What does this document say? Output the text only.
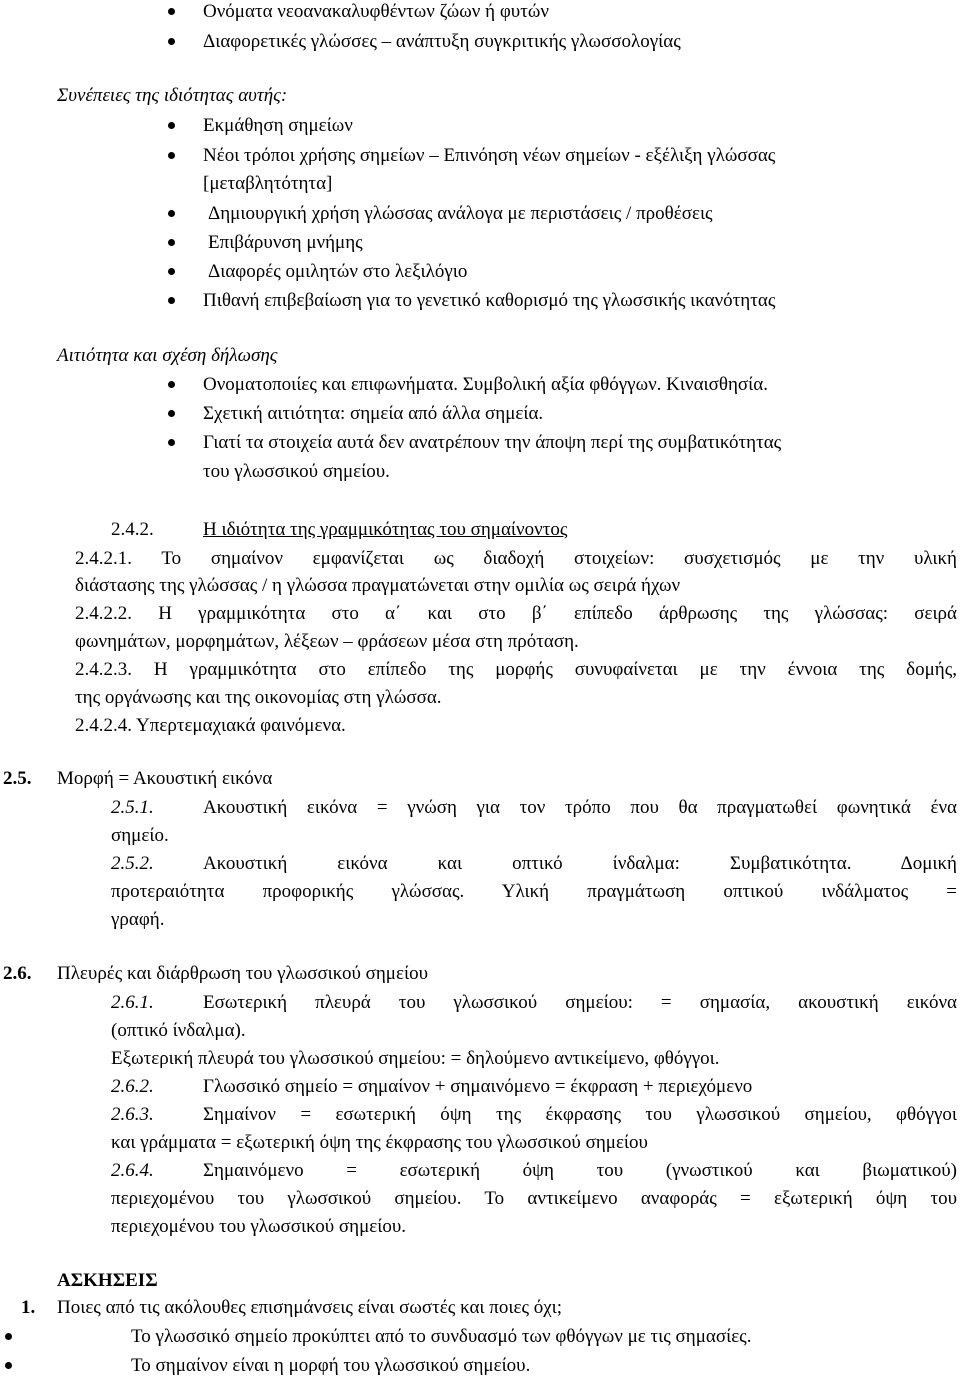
Ονόματα νεοανακαλυφθέντων ζώων ή φυτών
Διαφορετικές γλώσσες – ανάπτυξη συγκριτικής γλωσσολογίας
Συνέπειες της ιδιότητας αυτής:
Εκμάθηση σημείων
Νέοι τρόποι χρήσης σημείων – Επινόηση νέων σημείων - εξέλιξη γλώσσας
[μεταβλητότητα]
Δημιουργική χρήση γλώσσας ανάλογα με περιστάσεις / προθέσεις
Επιβάρυνση μνήμης
Διαφορές ομιλητών στο λεξιλόγιο
Πιθανή επιβεβαίωση για το γενετικό καθορισμό της γλωσσικής ικανότητας
Αιτιότητα και σχέση δήλωσης
Ονοματοποιίες και επιφωνήματα. Συμβολική αξία φθόγγων. Κιναισθησία.
Σχετική αιτιότητα: σημεία από άλλα σημεία.
Γιατί τα στοιχεία αυτά δεν ανατρέπουν την άποψη περί της συμβατικότητας
του γλωσσικού σημείου.
2.4.2.	Η ιδιότητα της γραμμικότητας του σημαίνοντος
2.4.2.1. Το σημαίνον εμφανίζεται ως διαδοχή στοιχείων: συσχετισμός με την υλική
διάστασης της γλώσσας / η γλώσσα πραγματώνεται στην ομιλία ως σειρά ήχων
2.4.2.2. Η γραμμικότητα στο α΄ και στο β΄ επίπεδο άρθρωσης της γλώσσας: σειρά
φωνημάτων, μορφημάτων, λέξεων – φράσεων μέσα στη πρόταση.
2.4.2.3. Η γραμμικότητα στο επίπεδο της μορφής συνυφαίνεται με την έννοια της δομής,
της οργάνωσης και της οικονομίας στη γλώσσα.
2.4.2.4. Υπερτεμαχιακά φαινόμενα.
2.5. Μορφή = Ακουστική εικόνα
2.5.1.	Ακουστική εικόνα = γνώση για τον τρόπο που θα πραγματωθεί φωνητικά ένα
σημείο.
2.5.2.	Ακουστική εικόνα και οπτικό ίνδαλμα: Συμβατικότητα. Δομική
προτεραιότητα προφορικής γλώσσας. Υλική πραγμάτωση οπτικού ινδάλματος =
γραφή.
2.6. Πλευρές και διάρθρωση του γλωσσικού σημείου
2.6.1.	Εσωτερική πλευρά του γλωσσικού σημείου: = σημασία, ακουστική εικόνα
(οπτικό ίνδαλμα).
Εξωτερική πλευρά του γλωσσικού σημείου: = δηλούμενο αντικείμενο, φθόγγοι.
2.6.2.	Γλωσσικό σημείο = σημαίνον + σημαινόμενο = έκφραση + περιεχόμενο
2.6.3.	Σημαίνον = εσωτερική όψη της έκφρασης του γλωσσικού σημείου, φθόγγοι
και γράμματα = εξωτερική όψη της έκφρασης του γλωσσικού σημείου
2.6.4.	Σημαινόμενο = εσωτερική όψη του (γνωστικού και βιωματικού)
περιεχομένου του γλωσσικού σημείου. Το αντικείμενο αναφοράς = εξωτερική όψη του
περιεχομένου του γλωσσικού σημείου.
ΑΣΚΗΣΕΙΣ
1. Ποιες από τις ακόλουθες επισημάνσεις είναι σωστές και ποιες όχι;
Το γλωσσικό σημείο προκύπτει από το συνδυασμό των φθόγγων με τις σημασίες.
Το σημαίνον είναι η μορφή του γλωσσικού σημείου.
